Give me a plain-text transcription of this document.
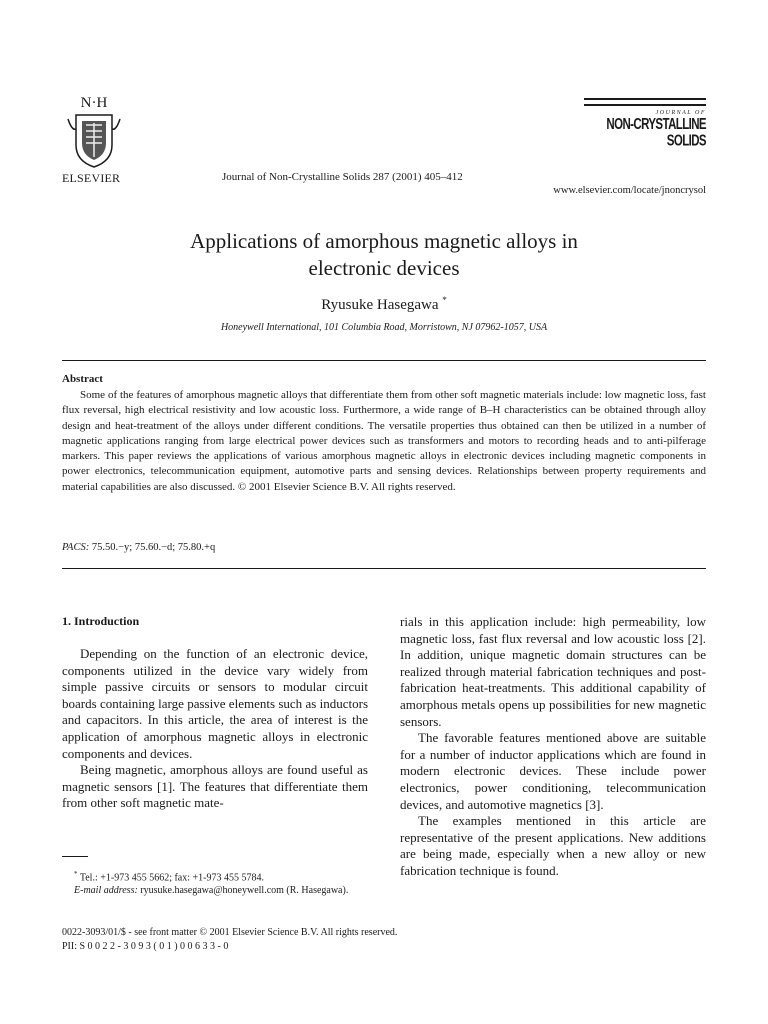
N·H
ELSEVIER	Journal of Non-Crystalline Solids 287 (2001) 405–412
JOURNAL OF
NON-CRYSTALLINE SOLIDS
www.elsevier.com/locate/jnoncrysol
Applications of amorphous magnetic alloys in
electronic devices
Ryusuke Hasegawa *
Honeywell International, 101 Columbia Road, Morristown, NJ 07962-1057, USA
Abstract
Some of the features of amorphous magnetic alloys that differentiate them from other soft magnetic materials include: low magnetic loss, fast flux reversal, high electrical resistivity and low acoustic loss. Furthermore, a wide range of B–H characteristics can be obtained through alloy design and heat-treatment of the alloys under different conditions. The versatile properties thus obtained can then be utilized in a number of magnetic applications ranging from large electrical power devices such as transformers and motors to recording heads and to anti-pilferage markers. This paper reviews the applications of various amorphous magnetic alloys in electronic devices including magnetic components in power electronics, telecommunication equipment, automotive parts and sensing devices. Relationships between property requirements and material capabilities are also discussed. © 2001 Elsevier Science B.V. All rights reserved.
PACS: 75.50.−y; 75.60.−d; 75.80.+q
1. Introduction

Depending on the function of an electronic device, components utilized in the device vary widely from simple passive circuits or sensors to modular circuit boards containing large passive elements such as inductors and capacitors. In this article, the area of interest is the application of amorphous magnetic alloys in electronic components and devices.

Being magnetic, amorphous alloys are found useful as magnetic sensors [1]. The features that differentiate them from other soft magnetic mate-

rials in this application include: high permeability, low magnetic loss, fast flux reversal and low acoustic loss [2]. In addition, unique magnetic domain structures can be realized through material fabrication techniques and post-fabrication heat-treatments. This additional capability of amorphous metals opens up possibilities for new magnetic sensors.

The favorable features mentioned above are suitable for a number of inductor applications which are found in modern electronic devices. These include power electronics, power conditioning, telecommunication devices, and automotive magnetics [3].

The examples mentioned in this article are representative of the present applications. New additions are being made, especially when a new alloy or new fabrication technique is found.

* Tel.: +1-973 455 5662; fax: +1-973 455 5784.

E-mail address: ryusuke.hasegawa@honeywell.com (R. Hasegawa).

0022-3093/01/$ - see front matter © 2001 Elsevier Science B.V. All rights reserved.
PII: S 0 0 2 2 - 3 0 9 3 ( 0 1 ) 0 0 6 3 3 - 0
